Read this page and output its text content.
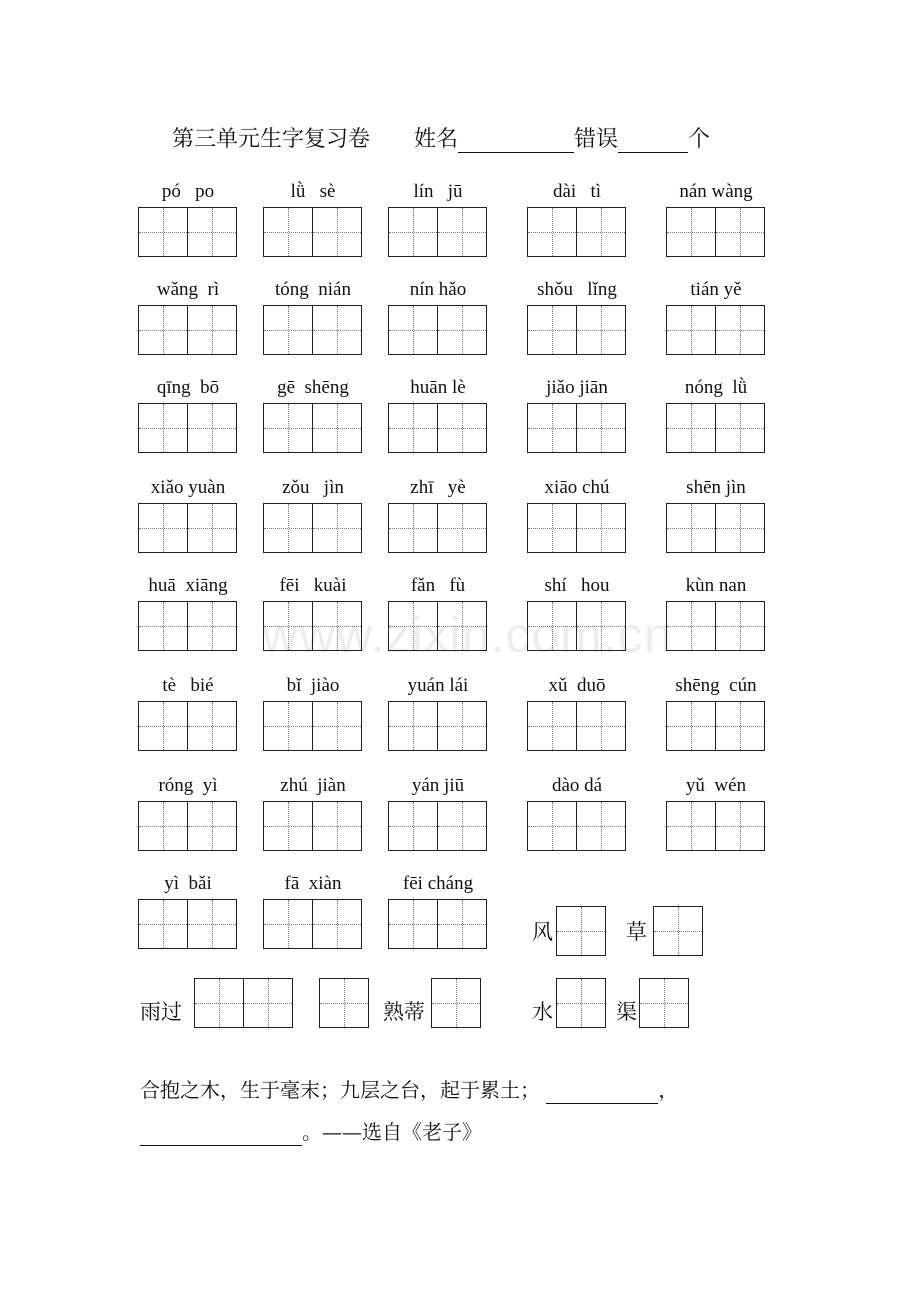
第三单元生字复习卷 姓名	错误	个
www.zixin.com.cn
pó   po	lǜ   sè	lín   jū	dài   tì	nán wàng
wǎng  rì	tóng  nián	nín hǎo	shǒu   lǐng	tián yě
qīng  bō	gē  shēng	huān lè	jiǎo jiān	nóng  lǜ
xiǎo yuàn	zǒu   jìn	zhī   yè	xiāo chú	shēn jìn
huā  xiāng	fēi   kuài	fǎn   fù	shí   hou	kùn nan
tè   bié	bǐ  jiào	yuán lái	xǔ  duō	shēng  cún
róng  yì	zhú  jiàn	yán jiū	dào dá	yǔ  wén
yì  bǎi	fā  xiàn	fēi cháng
风	草
雨过	熟蒂	水	渠
合抱之木，生于毫末；九层之台，起于累土；	，
。——选自《老子》
